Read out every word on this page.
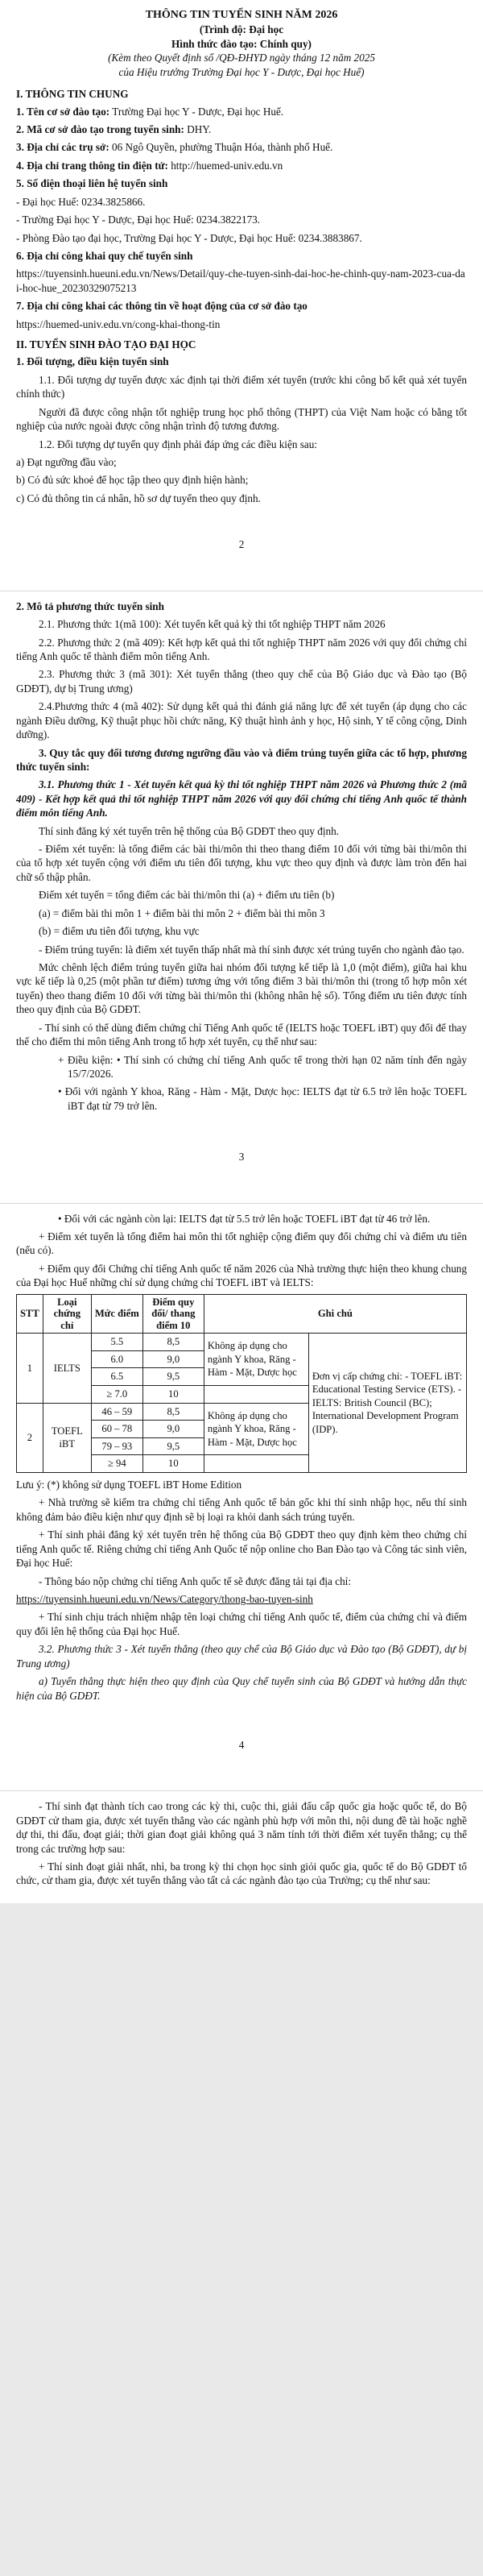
THÔNG TIN TUYỂN SINH NĂM 2026
(Trình độ: Đại học
Hình thức đào tạo: Chính quy)
(Kèm theo Quyết định số /QĐ-ĐHYD ngày tháng 12 năm 2025
của Hiệu trưởng Trường Đại học Y - Dược, Đại học Huế)
I. THÔNG TIN CHUNG

1. Tên cơ sở đào tạo: Trường Đại học Y - Dược, Đại học Huế.

2. Mã cơ sở đào tạo trong tuyển sinh: DHY.

3. Địa chỉ các trụ sở: 06 Ngô Quyền, phường Thuận Hóa, thành phố Huế.

4. Địa chỉ trang thông tin điện tử: http://huemed-univ.edu.vn

5. Số điện thoại liên hệ tuyển sinh

- Đại học Huế: 0234.3825866.

- Trường Đại học Y - Dược, Đại học Huế: 0234.3822173.

- Phòng Đào tạo đại học, Trường Đại học Y - Dược, Đại học Huế: 0234.3883867.

6. Địa chỉ công khai quy chế tuyển sinh

https://tuyensinh.hueuni.edu.vn/News/Detail/quy-che-tuyen-sinh-dai-hoc-he-chinh-quy-nam-2023-cua-dai-hoc-hue_20230329075213

7. Địa chỉ công khai các thông tin về hoạt động của cơ sở đào tạo

https://huemed-univ.edu.vn/cong-khai-thong-tin

II. TUYỂN SINH ĐÀO TẠO ĐẠI HỌC

1. Đối tượng, điều kiện tuyển sinh

1.1. Đối tượng dự tuyển được xác định tại thời điểm xét tuyển (trước khi công bố kết quả xét tuyển chính thức)

Người đã được công nhận tốt nghiệp trung học phổ thông (THPT) của Việt Nam hoặc có bằng tốt nghiệp của nước ngoài được công nhận trình độ tương đương.

1.2. Đối tượng dự tuyển quy định phải đáp ứng các điều kiện sau:

a) Đạt ngưỡng đầu vào;

b) Có đủ sức khoẻ để học tập theo quy định hiện hành;

c) Có đủ thông tin cá nhân, hồ sơ dự tuyển theo quy định.

2

2. Mô tả phương thức tuyển sinh

2.1. Phương thức 1(mã 100): Xét tuyển kết quả kỳ thi tốt nghiệp THPT năm 2026

2.2. Phương thức 2 (mã 409): Kết hợp kết quả thi tốt nghiệp THPT năm 2026 với quy đổi chứng chỉ tiếng Anh quốc tế thành điểm môn tiếng Anh.

2.3. Phương thức 3 (mã 301): Xét tuyển thẳng (theo quy chế của Bộ Giáo dục và Đào tạo (Bộ GDĐT), dự bị Trung ương)

2.4.Phương thức 4 (mã 402): Sử dụng kết quả thi đánh giá năng lực để xét tuyển (áp dụng cho các ngành Điều dưỡng, Kỹ thuật phục hồi chức năng, Kỹ thuật hình ảnh y học, Hộ sinh, Y tế công cộng, Dinh dưỡng).

3. Quy tắc quy đổi tương đương ngưỡng đầu vào và điểm trúng tuyển giữa các tổ hợp, phương thức tuyển sinh:

3.1. Phương thức 1 - Xét tuyển kết quả kỳ thi tốt nghiệp THPT năm 2026 và Phương thức 2 (mã 409) - Kết hợp kết quả thi tốt nghiệp THPT năm 2026 với quy đổi chứng chỉ tiếng Anh quốc tế thành điểm môn tiếng Anh.

Thí sinh đăng ký xét tuyển trên hệ thống của Bộ GDĐT theo quy định.

- Điểm xét tuyển: là tổng điểm các bài thi/môn thi theo thang điểm 10 đối với từng bài thi/môn thi của tổ hợp xét tuyển cộng với điểm ưu tiên đối tượng, khu vực theo quy định và được làm tròn đến hai chữ số thập phân.

Điểm xét tuyển = tổng điểm các bài thi/môn thi (a) + điểm ưu tiên (b)

(a) = điểm bài thi môn 1 + điểm bài thi môn 2 + điểm bài thi môn 3

(b) = điểm ưu tiên đối tượng, khu vực

- Điểm trúng tuyển: là điểm xét tuyển thấp nhất mà thí sinh được xét trúng tuyển cho ngành đào tạo.

Mức chênh lệch điểm trúng tuyển giữa hai nhóm đối tượng kế tiếp là 1,0 (một điểm), giữa hai khu vực kế tiếp là 0,25 (một phần tư điểm) tương ứng với tổng điểm 3 bài thi/môn thi (trong tổ hợp môn xét tuyển) theo thang điểm 10 đối với từng bài thi/môn thi (không nhân hệ số). Tổng điểm ưu tiên được tính theo quy định của Bộ GDĐT.

- Thí sinh có thể dùng điểm chứng chỉ Tiếng Anh quốc tế (IELTS hoặc TOEFL iBT) quy đổi để thay thế cho điểm thi môn tiếng Anh trong tổ hợp xét tuyển, cụ thể như sau:

+ Điều kiện: • Thí sinh có chứng chỉ tiếng Anh quốc tế trong thời hạn 02 năm tính đến ngày 15/7/2026.

• Đối với ngành Y khoa, Răng - Hàm - Mặt, Dược học: IELTS đạt từ 6.5 trở lên hoặc TOEFL iBT đạt từ 79 trở lên.

3

• Đối với các ngành còn lại: IELTS đạt từ 5.5 trở lên hoặc TOEFL iBT đạt từ 46 trở lên.

+ Điểm xét tuyển là tổng điểm hai môn thi tốt nghiệp cộng điểm quy đổi chứng chỉ và điểm ưu tiên (nếu có).

+ Điểm quy đổi Chứng chỉ tiếng Anh quốc tế năm 2026 của Nhà trường thực hiện theo khung chung của Đại học Huế những chỉ sử dụng chứng chỉ TOEFL iBT và IELTS:

STT	Loại chứng chỉ	Mức điểm	Điểm quy đổi/ thang điểm 10	Ghi chú	
1	IELTS	5.5	8,5	Không áp dụng cho ngành Y khoa, Răng - Hàm - Mặt, Dược học	Đơn vị cấp chứng chỉ: - TOEFL iBT: Educational Testing Service (ETS). - IELTS: British Council (BC); International Development Program (IDP).
		6.0	9,0		
		6.5	9,5		
		≥ 7.0	10		
2	TOEFL iBT	46 – 59	8,5	Không áp dụng cho ngành Y khoa, Răng - Hàm - Mặt, Dược học	
		60 – 78	9,0		
		79 – 93	9,5		
		≥ 94	10		

Lưu ý: (*) không sử dụng TOEFL iBT Home Edition

+ Nhà trường sẽ kiểm tra chứng chỉ tiếng Anh quốc tế bản gốc khi thí sinh nhập học, nếu thí sinh không đảm bảo điều kiện như quy định sẽ bị loại ra khỏi danh sách trúng tuyển.

+ Thí sinh phải đăng ký xét tuyển trên hệ thống của Bộ GDĐT theo quy định kèm theo chứng chỉ tiếng Anh quốc tế. Riêng chứng chỉ tiếng Anh Quốc tế nộp online cho Ban Đào tạo và Công tác sinh viên, Đại học Huế:

- Thông báo nộp chứng chỉ tiếng Anh quốc tế sẽ được đăng tải tại địa chỉ:

https://tuyensinh.hueuni.edu.vn/News/Category/thong-bao-tuyen-sinh

+ Thí sinh chịu trách nhiệm nhập tên loại chứng chỉ tiếng Anh quốc tế, điểm của chứng chỉ và điểm quy đổi lên hệ thống của Đại học Huế.

3.2. Phương thức 3 - Xét tuyển thẳng (theo quy chế của Bộ Giáo dục và Đào tạo (Bộ GDĐT), dự bị Trung ương)

a) Tuyển thẳng thực hiện theo quy định của Quy chế tuyển sinh của Bộ GDĐT và hướng dẫn thực hiện của Bộ GDĐT.

4

- Thí sinh đạt thành tích cao trong các kỳ thi, cuộc thi, giải đấu cấp quốc gia hoặc quốc tế, do Bộ GDĐT cử tham gia, được xét tuyển thẳng vào các ngành phù hợp với môn thi, nội dung đề tài hoặc nghề dự thi, thi đấu, đoạt giải; thời gian đoạt giải không quá 3 năm tính tới thời điểm xét tuyển thẳng; cụ thể trong các trường hợp sau:

+ Thí sinh đoạt giải nhất, nhì, ba trong kỳ thi chọn học sinh giỏi quốc gia, quốc tế do Bộ GDĐT tổ chức, cử tham gia, được xét tuyển thẳng vào tất cả các ngành đào tạo của Trường; cụ thể như sau:
